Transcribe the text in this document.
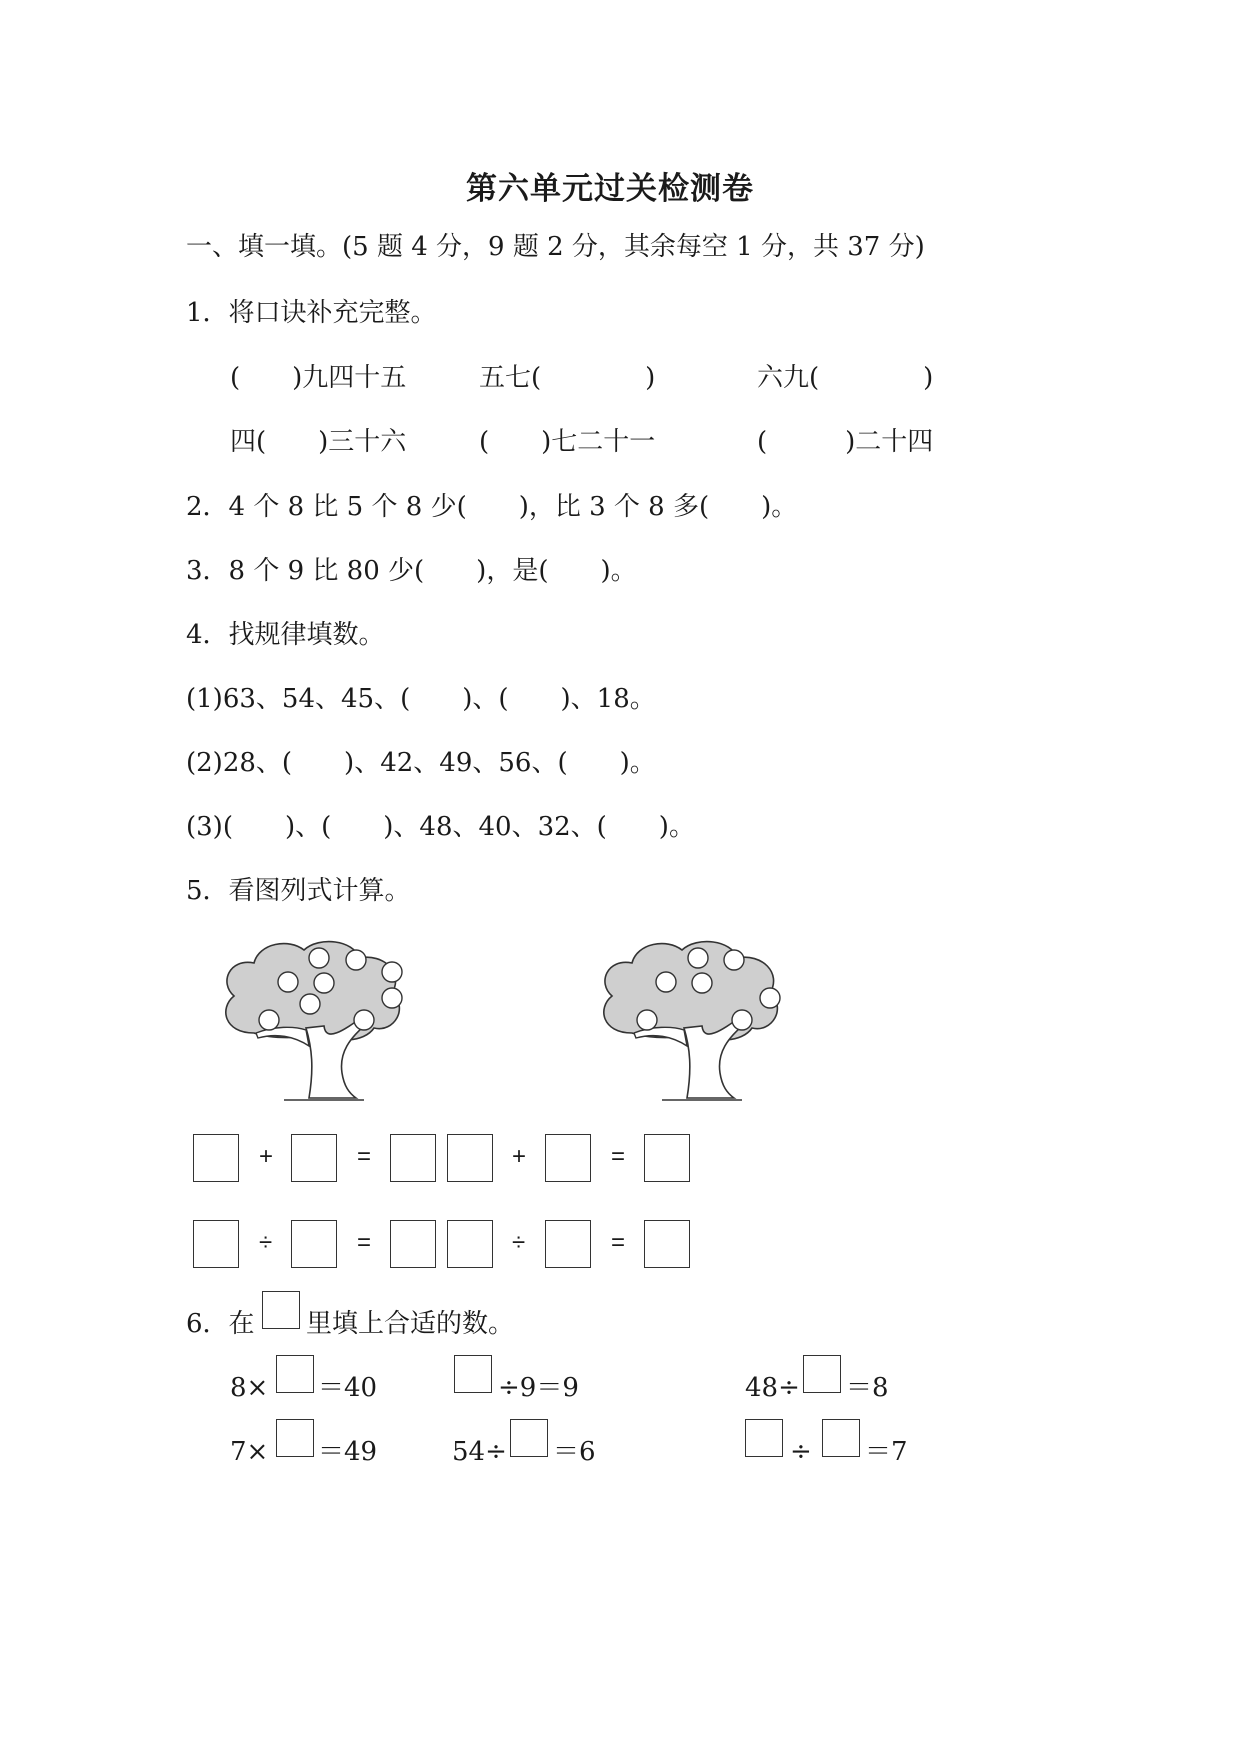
第六单元过关检测卷
一、填一填。(5 题 4 分，9 题 2 分，其余每空 1 分，共 37 分)
1．将口诀补充完整。
(　　)九四十五	五七(　　　　)	六九(　　　　)
四(　　)三十六	(　　)七二十一	(　　　)二十四
2．4 个 8 比 5 个 8 少(　　)，比 3 个 8 多(　　)。
3．8 个 9 比 80 少(　　)，是(　　)。
4．找规律填数。
(1)63、54、45、(　　)、(　　)、18。
(2)28、(　　)、42、49、56、(　　)。
(3)(　　)、(　　)、48、40、32、(　　)。
5．看图列式计算。
+	=	+	=
÷	=	÷	=
6．在 里填上合适的数。
8× ＝40	÷9＝9	48÷ ＝8
7× ＝49	54÷ ＝6	÷ ＝7
